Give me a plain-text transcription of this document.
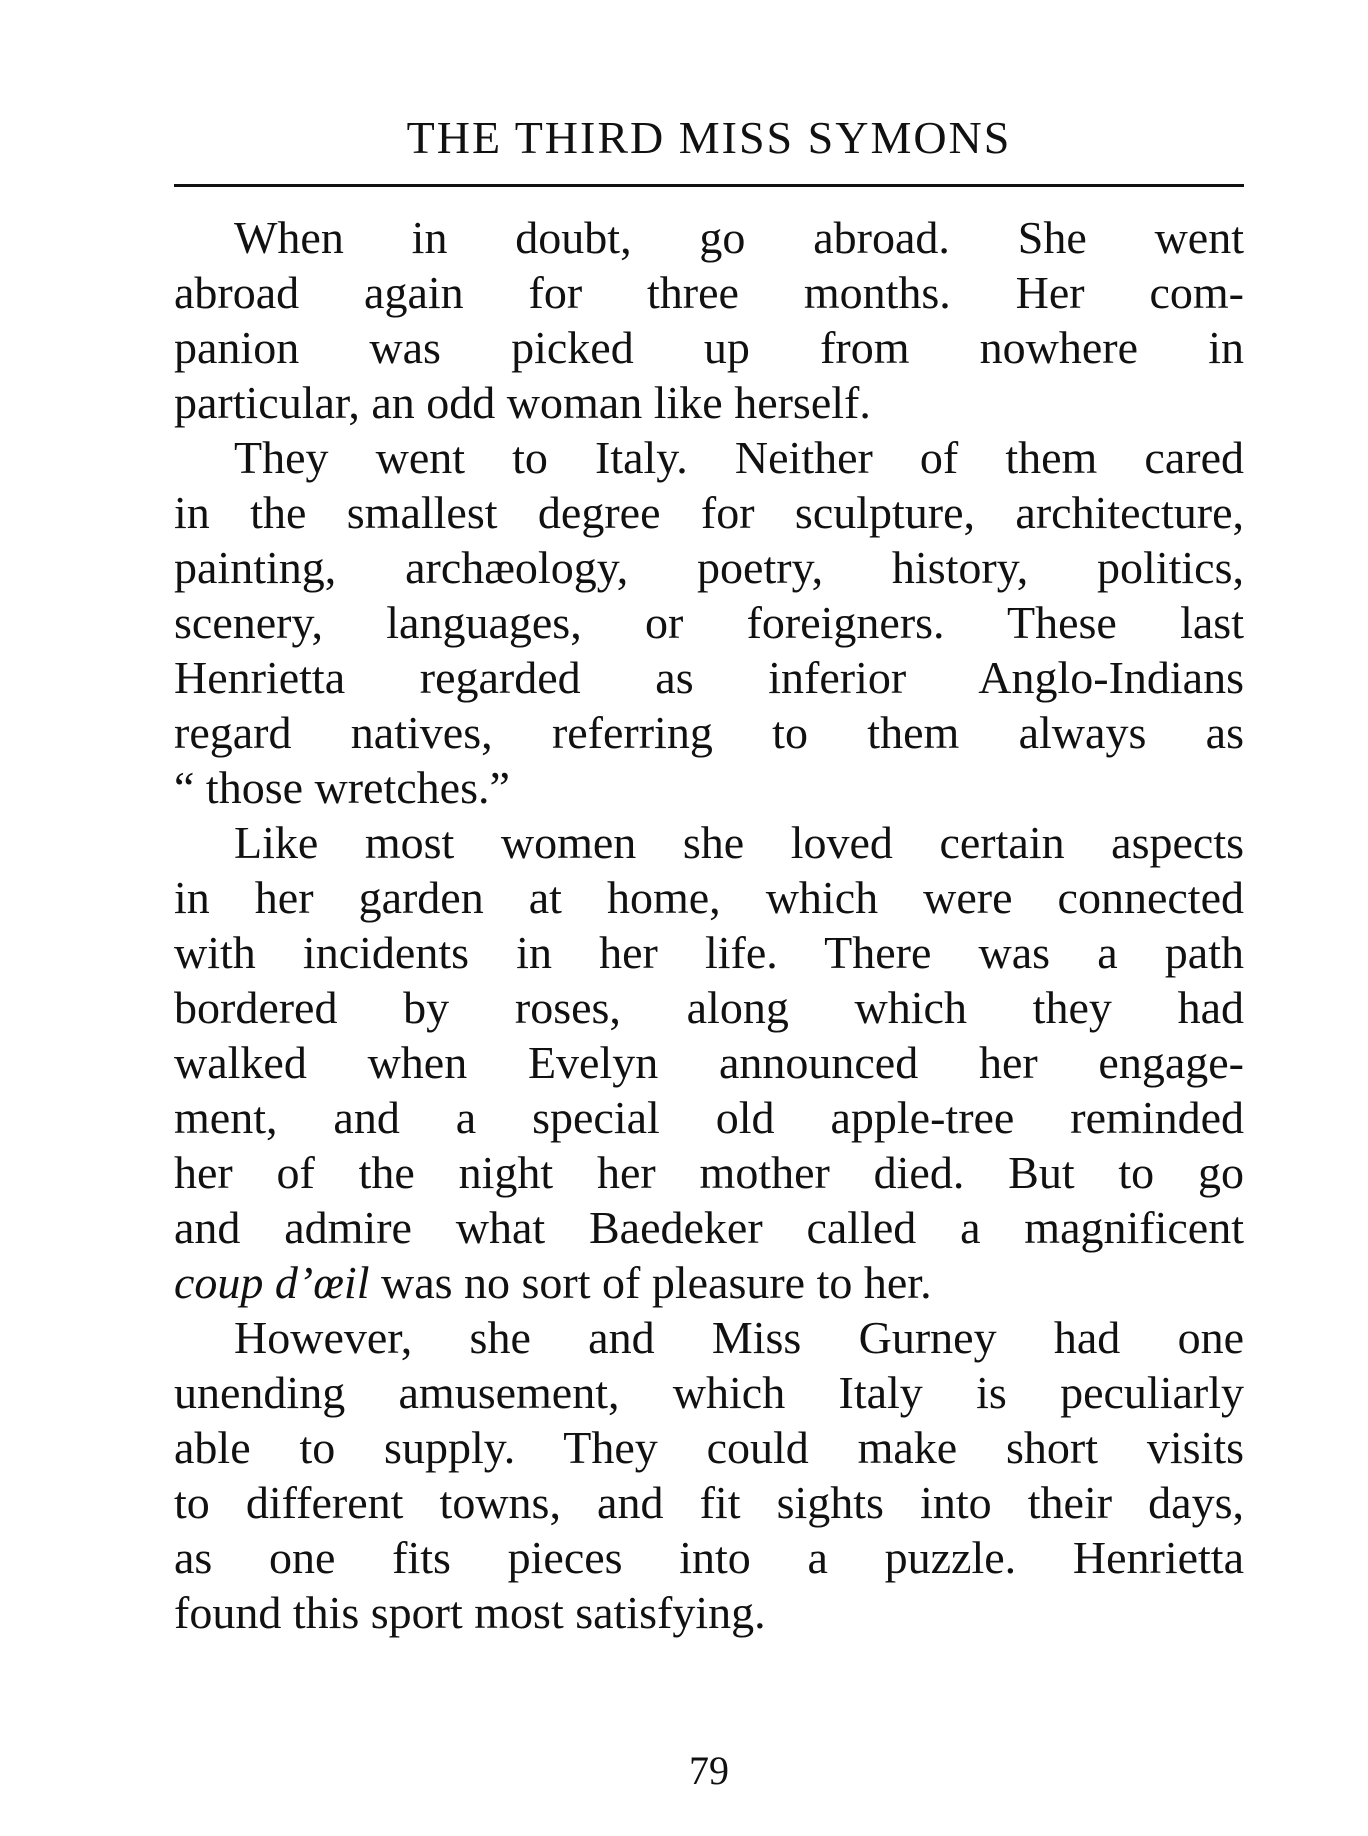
THE THIRD MISS SYMONS
When in doubt, go abroad. She went
abroad again for three months. Her com-
panion was picked up from nowhere in
particular, an odd woman like herself.
They went to Italy. Neither of them cared
in the smallest degree for sculpture, architecture,
painting, archæology, poetry, history, politics,
scenery, languages, or foreigners. These last
Henrietta regarded as inferior Anglo-Indians
regard natives, referring to them always as
“ those wretches.”
Like most women she loved certain aspects
in her garden at home, which were connected
with incidents in her life. There was a path
bordered by roses, along which they had
walked when Evelyn announced her engage-
ment, and a special old apple-tree reminded
her of the night her mother died. But to go
and admire what Baedeker called a magnificent
coup d’œil was no sort of pleasure to her.
However, she and Miss Gurney had one
unending amusement, which Italy is peculiarly
able to supply. They could make short visits
to different towns, and fit sights into their days,
as one fits pieces into a puzzle. Henrietta
found this sport most satisfying.
79
